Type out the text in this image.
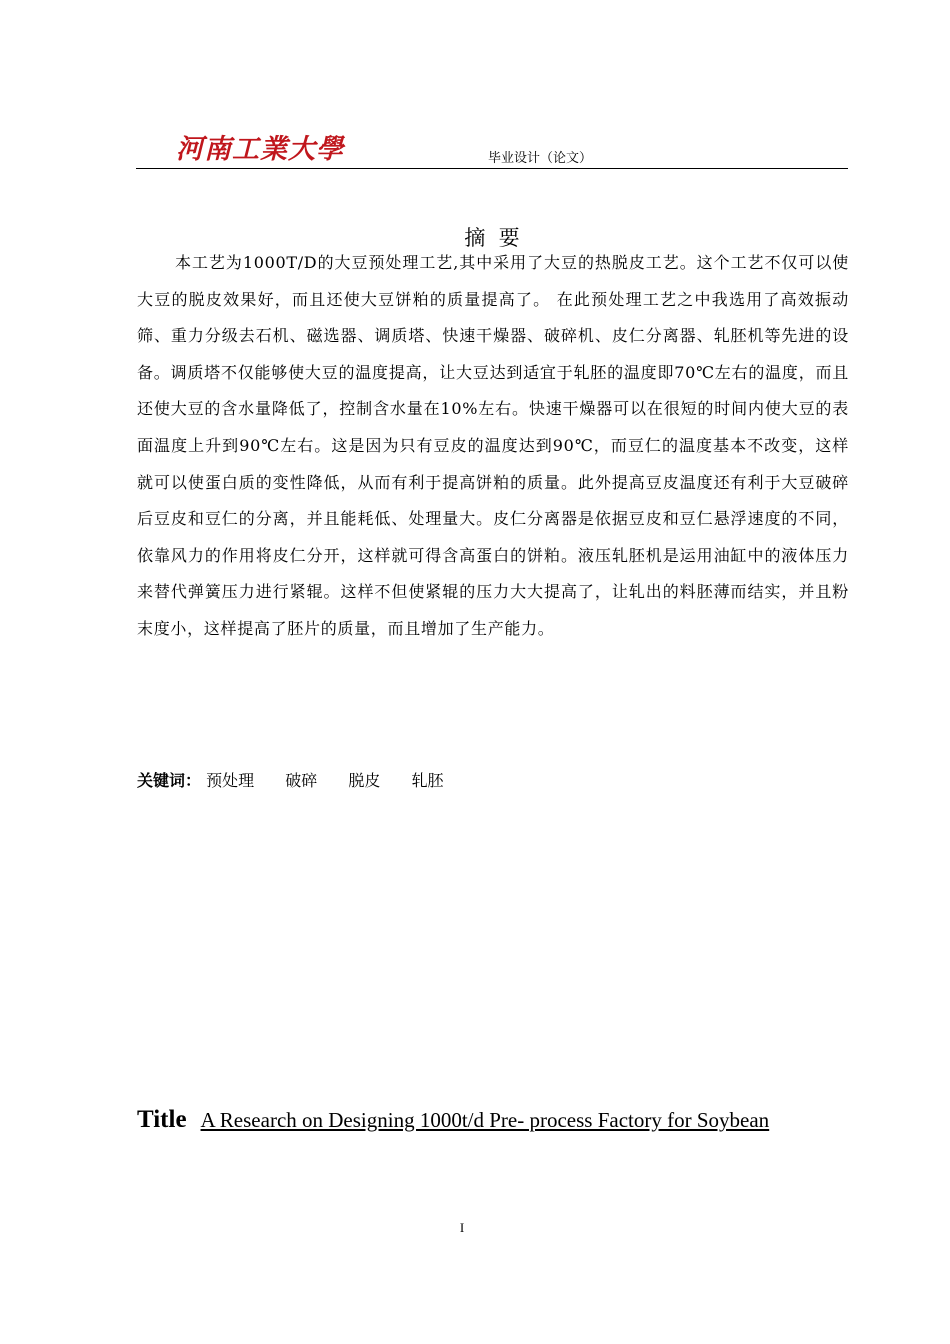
河南工業大學	毕业设计（论文）
摘  要

本工艺为1000T/D的大豆预处理工艺,其中采用了大豆的热脱皮工艺。这个工艺不仅可以使大豆的脱皮效果好，而且还使大豆饼粕的质量提高了。 在此预处理工艺之中我选用了高效振动筛、重力分级去石机、磁选器、调质塔、快速干燥器、破碎机、皮仁分离器、轧胚机等先进的设备。调质塔不仅能够使大豆的温度提高，让大豆达到适宜于轧胚的温度即70℃左右的温度，而且还使大豆的含水量降低了，控制含水量在10%左右。快速干燥器可以在很短的时间内使大豆的表面温度上升到90℃左右。这是因为只有豆皮的温度达到90℃，而豆仁的温度基本不改变，这样就可以使蛋白质的变性降低，从而有利于提高饼粕的质量。此外提高豆皮温度还有利于大豆破碎后豆皮和豆仁的分离，并且能耗低、处理量大。皮仁分离器是依据豆皮和豆仁悬浮速度的不同，依靠风力的作用将皮仁分开，这样就可得含高蛋白的饼粕。液压轧胚机是运用油缸中的液体压力来替代弹簧压力进行紧辊。这样不但使紧辊的压力大大提高了，让轧出的料胚薄而结实，并且粉末度小，这样提高了胚片的质量，而且增加了生产能力。

关键词： 预处理 破碎 脱皮 轧胚
Title A Research on Designing 1000t/d Pre- process Factory for Soybean
I
